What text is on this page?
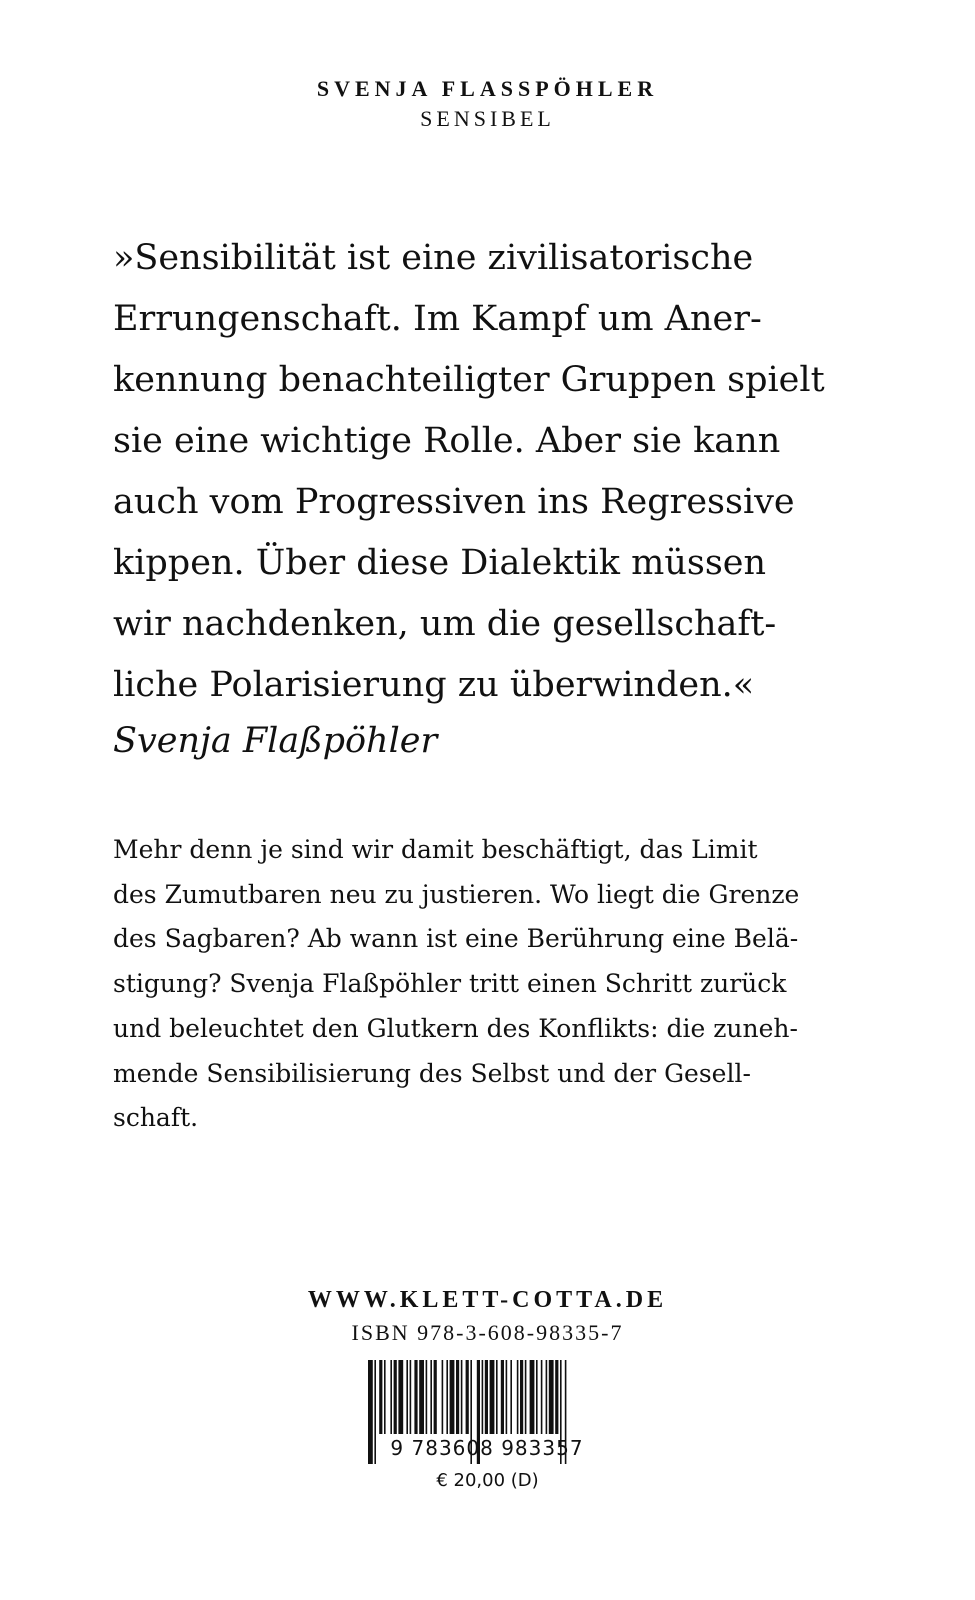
SVENJA FLASSPÖHLER
SENSIBEL
»Sensibilität ist eine zivilisatorische
Errungenschaft. Im Kampf um Aner-
kennung benachteiligter Gruppen spielt
sie eine wichtige Rolle. Aber sie kann
auch vom Progressiven ins Regressive
kippen. Über diese Dialektik müssen
wir nachdenken, um die gesellschaft-
liche Polarisierung zu überwinden.«
Svenja Flaßpöhler
Mehr denn je sind wir damit beschäftigt, das Limit
des Zumutbaren neu zu justieren. Wo liegt die Grenze
des Sagbaren? Ab wann ist eine Berührung eine Belä-
stigung? Svenja Flaßpöhler tritt einen Schritt zurück
und beleuchtet den Glutkern des Konflikts: die zuneh-
mende Sensibilisierung des Selbst und der Gesell-
schaft.
WWW.KLETT-COTTA.DE
ISBN 978-3-608-98335-7
9 783608 983357
€ 20,00 (D)
